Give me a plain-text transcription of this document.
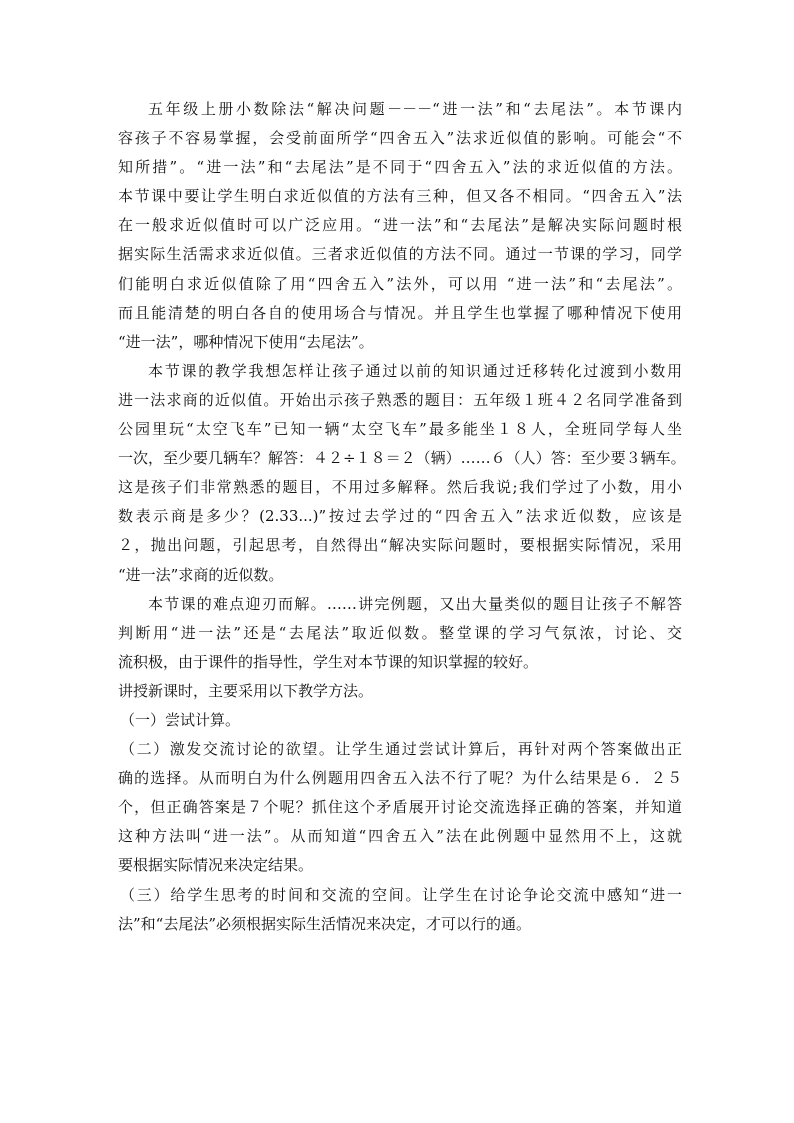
五年级上册小数除法“解决问题－－－“进一法”和“去尾法”。本节课内
容孩子不容易掌握，会受前面所学“四舍五入”法求近似值的影响。可能会“不
知所措”。“进一法”和“去尾法”是不同于“四舍五入”法的求近似值的方法。
本节课中要让学生明白求近似值的方法有三种，但又各不相同。“四舍五入”法
在一般求近似值时可以广泛应用。“进一法”和“去尾法”是解决实际问题时根
据实际生活需求求近似值。三者求近似值的方法不同。通过一节课的学习，同学
们能明白求近似值除了用“四舍五入”法外，可以用 “进一法”和“去尾法”。
而且能清楚的明白各自的使用场合与情况。并且学生也掌握了哪种情况下使用
“进一法”，哪种情况下使用“去尾法”。
本节课的教学我想怎样让孩子通过以前的知识通过迁移转化过渡到小数用
进一法求商的近似值。开始出示孩子熟悉的题目：五年级１班４２名同学准备到
公园里玩“太空飞车”已知一辆“太空飞车”最多能坐１８人，全班同学每人坐
一次，至少要几辆车？解答：４２÷１８＝２（辆）……６（人）答：至少要３辆车。
这是孩子们非常熟悉的题目，不用过多解释。然后我说;我们学过了小数，用小
数表示商是多少？(2.33...)”按过去学过的“四舍五入”法求近似数，应该是
２，抛出问题，引起思考，自然得出“解决实际问题时，要根据实际情况，采用
“进一法”求商的近似数。
本节课的难点迎刃而解。……讲完例题，又出大量类似的题目让孩子不解答
判断用“进一法”还是“去尾法”取近似数。整堂课的学习气氛浓，讨论、交
流积极，由于课件的指导性，学生对本节课的知识掌握的较好。
讲授新课时，主要采用以下教学方法。
（一）尝试计算。
（二）激发交流讨论的欲望。让学生通过尝试计算后，再针对两个答案做出正
确的选择。从而明白为什么例题用四舍五入法不行了呢？为什么结果是６．２５
个，但正确答案是７个呢？抓住这个矛盾展开讨论交流选择正确的答案，并知道
这种方法叫“进一法”。从而知道“四舍五入”法在此例题中显然用不上，这就
要根据实际情况来决定结果。
（三）给学生思考的时间和交流的空间。让学生在讨论争论交流中感知“进一
法”和“去尾法”必须根据实际生活情况来决定，才可以行的通。
